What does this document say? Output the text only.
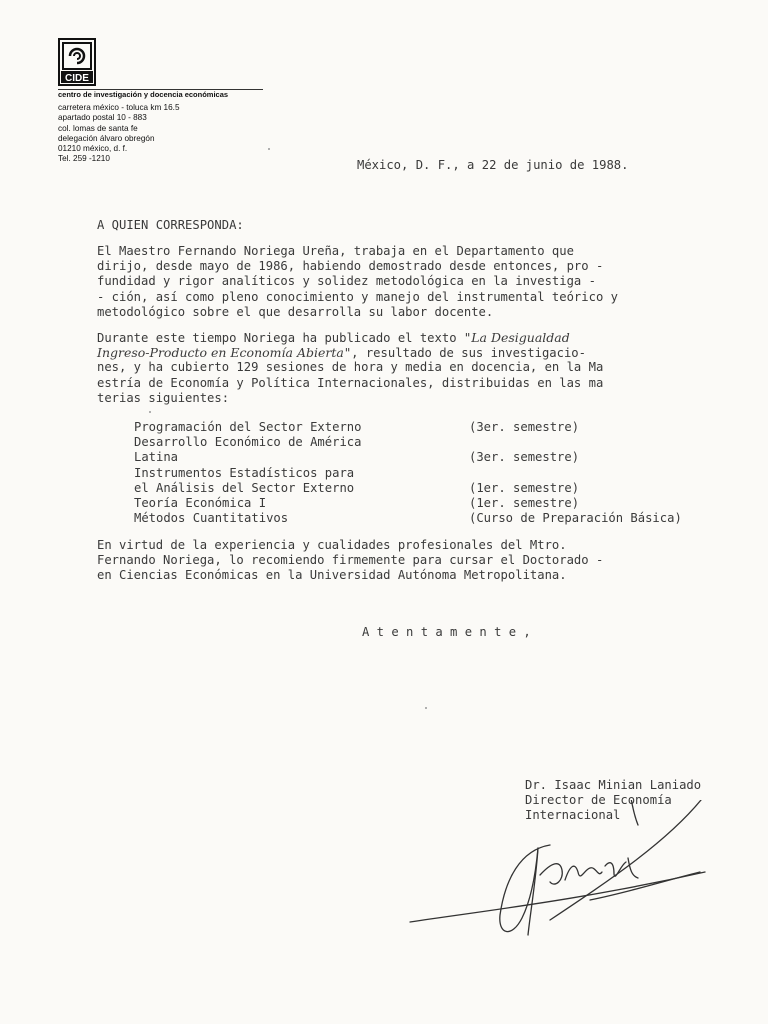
CIDE
centro de investigación y docencia económicas
carretera méxico - toluca km 16.5
apartado postal 10 - 883
col. lomas de santa fe
delegación álvaro obregón
01210 méxico, d. f.
Tel. 259 -1210	México, D. F., a 22 de junio de 1988.
A QUIEN CORRESPONDA:
El Maestro Fernando Noriega Ureña, trabaja en el Departamento que
dirijo, desde mayo de 1986, habiendo demostrado desde entonces, pro -
fundidad y rigor analíticos y solidez metodológica en la investiga -
- ción, así como pleno conocimiento y manejo del instrumental teórico y
metodológico sobre el que desarrolla su labor docente.
Durante este tiempo Noriega ha publicado el texto "La Desigualdad
Ingreso-Producto en Economía Abierta", resultado de sus investigacio-
nes, y ha cubierto 129 sesiones de hora y media en docencia, en la Ma
estría de Economía y Política Internacionales, distribuidas en las ma
terias siguientes:
Programación del Sector Externo	(3er. semestre)
Desarrollo Económico de América
Latina	(3er. semestre)
Instrumentos Estadísticos para
el Análisis del Sector Externo	(1er. semestre)
Teoría Económica I	(1er. semestre)
Métodos Cuantitativos	(Curso de Preparación Básica)
En virtud de la experiencia y cualidades profesionales del Mtro.
Fernando Noriega, lo recomiendo firmemente para cursar el Doctorado -
en Ciencias Económicas en la Universidad Autónoma Metropolitana.
A t e n t a m e n t e ,
Dr. Isaac Minian Laniado
Director de Economía
Internacional
